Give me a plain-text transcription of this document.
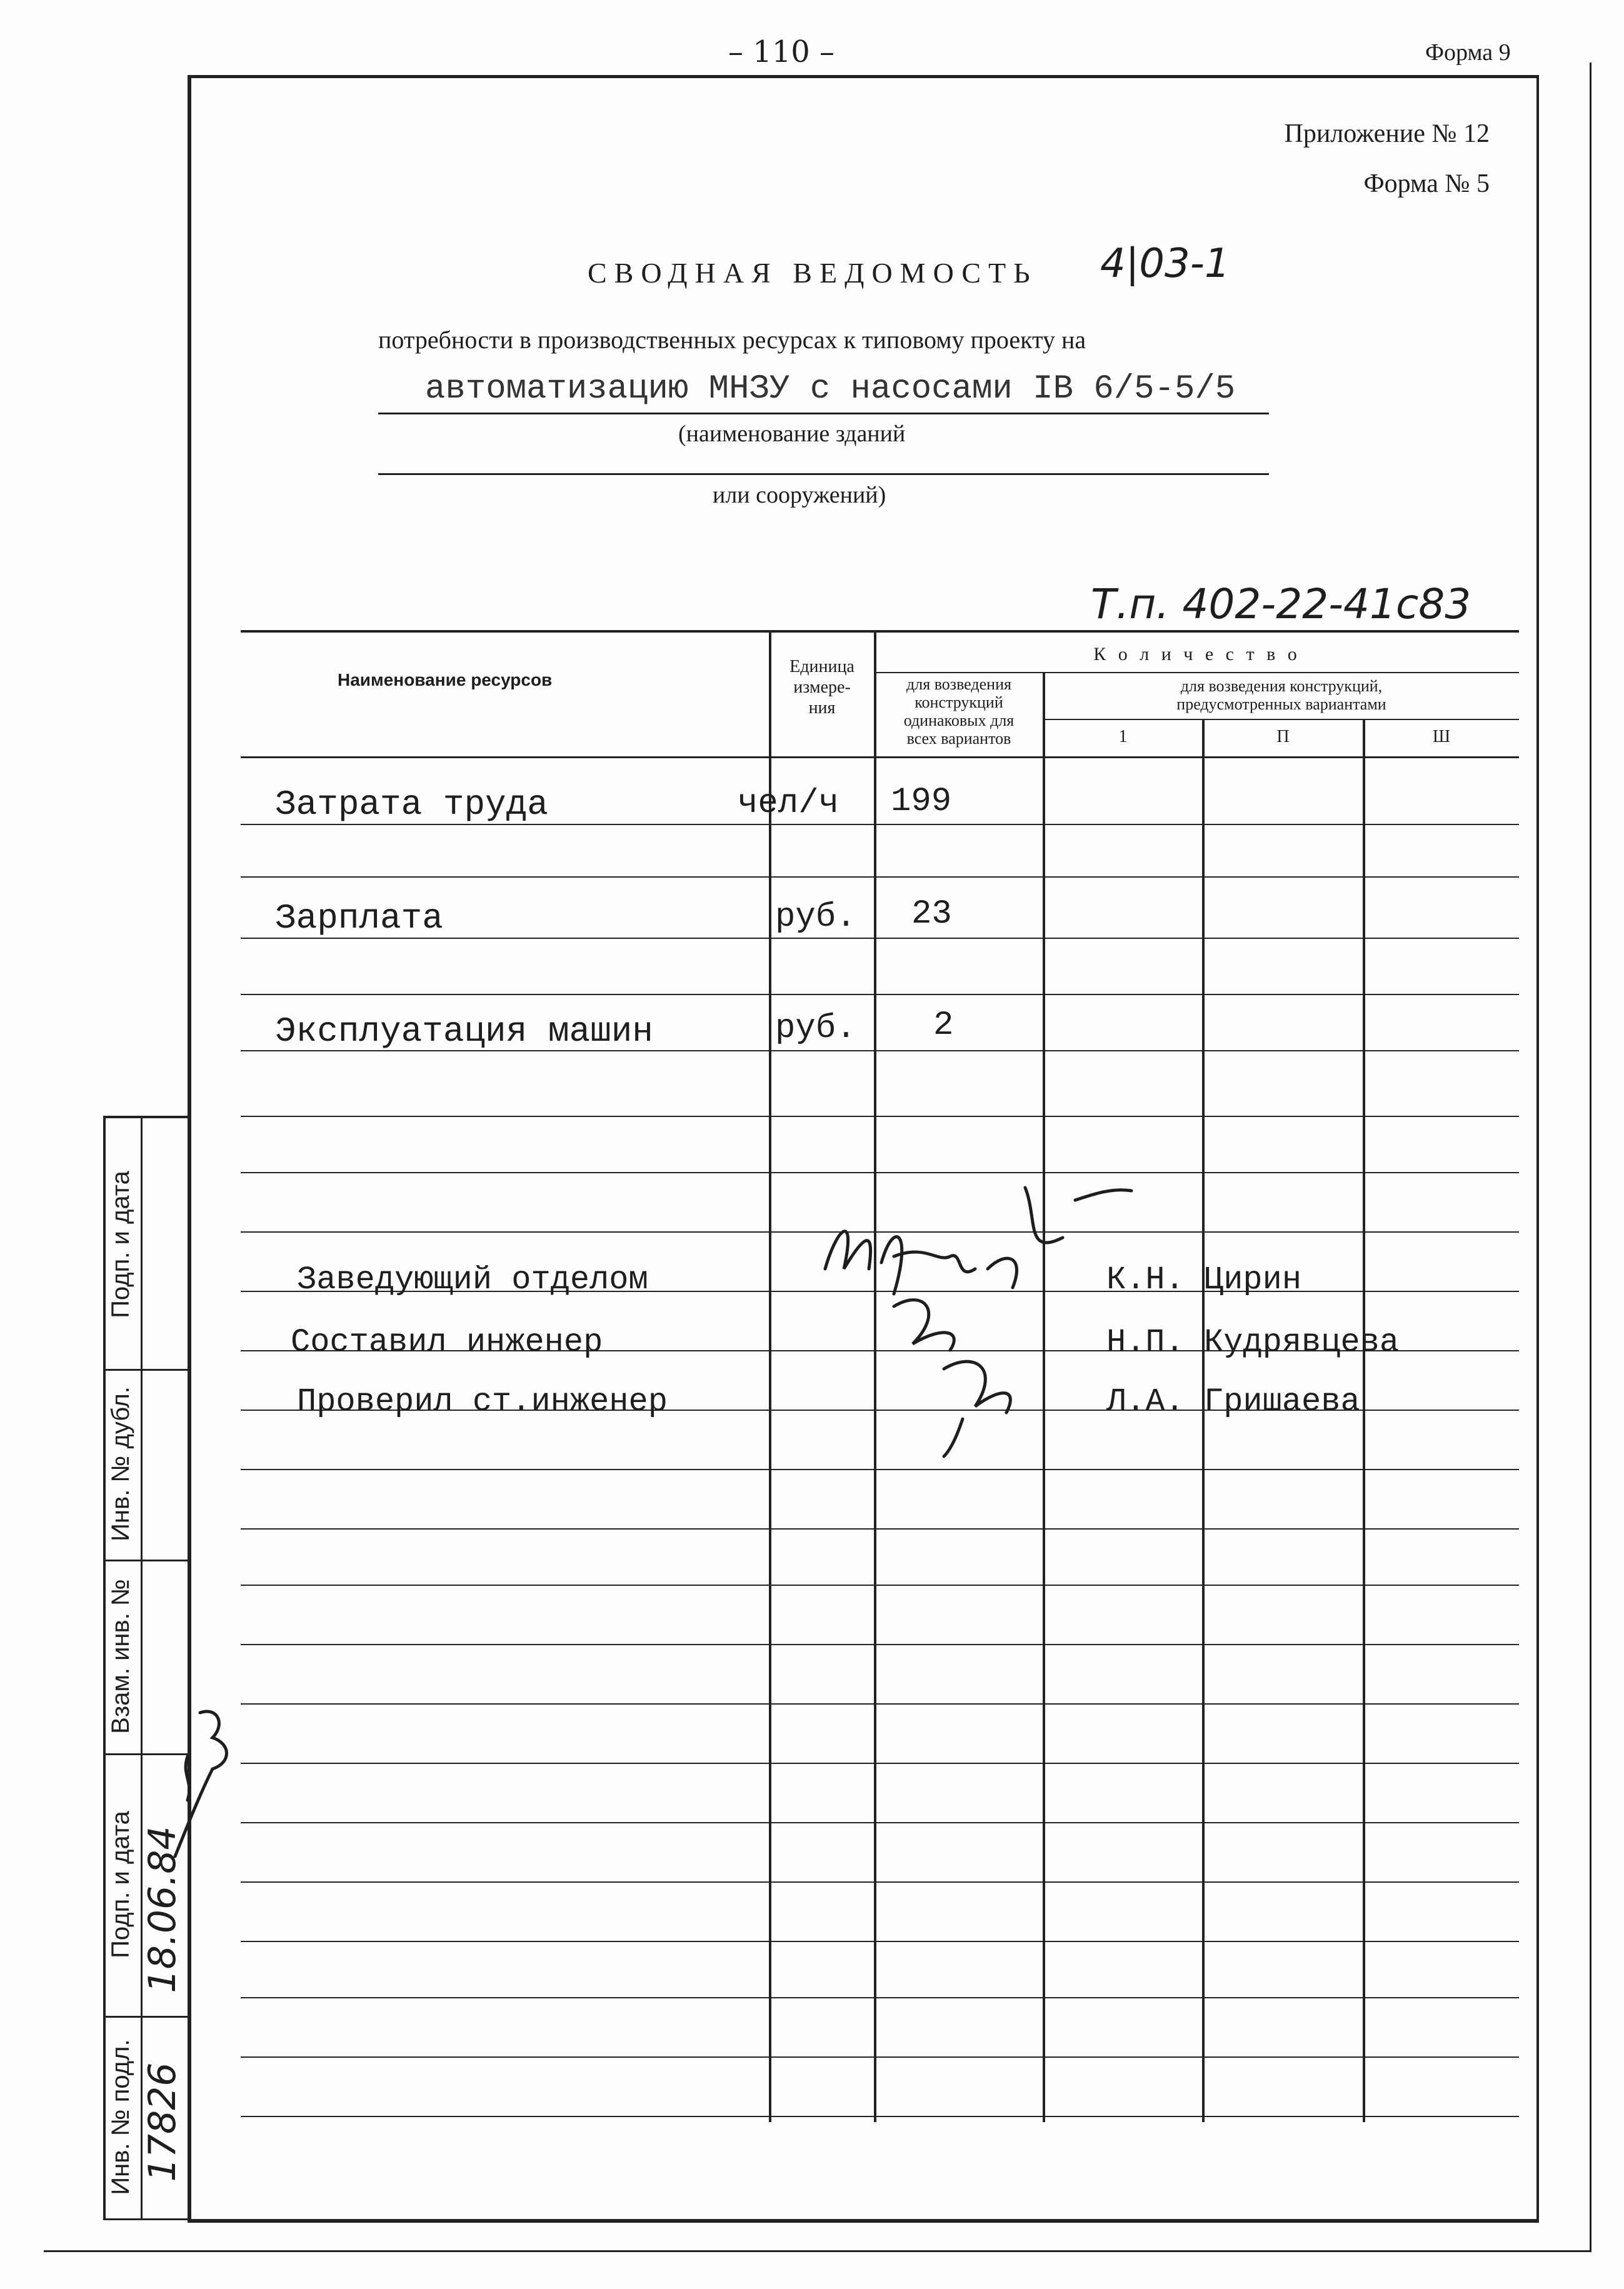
– 110 –	Форма 9
Приложение № 12
Форма № 5
СВОДНАЯ ВЕДОМОСТЬ 4|03-1
потребности в производственных ресурсах к типовому проекту на
автоматизацию МНЗУ с насосами IВ 6/5-5/5
(наименование зданий
или сооружений)
Т.п. 402-22-41с83
Наименование ресурсов
Единица
измере-
ния
К о л и ч е с т в о
для возведения
конструкций
одинаковых для
всех вариантов
для возведения конструкций,
предусмотренных вариантами
1	П	Ш
Затрата труда	чел/ч 199
Зарплата	руб. 23
Эксплуатация машин	руб. 2
Заведующий отделом	К.Н. Цирин
Составил инженер	Н.П. Кудрявцева
Проверил ст.инженер	Л.А. Гришаева
Подп. и дата
Инв. № дубл.
Взам. инв. №
Подп. и дата
Инв. № подл.
18.06.84
17826
